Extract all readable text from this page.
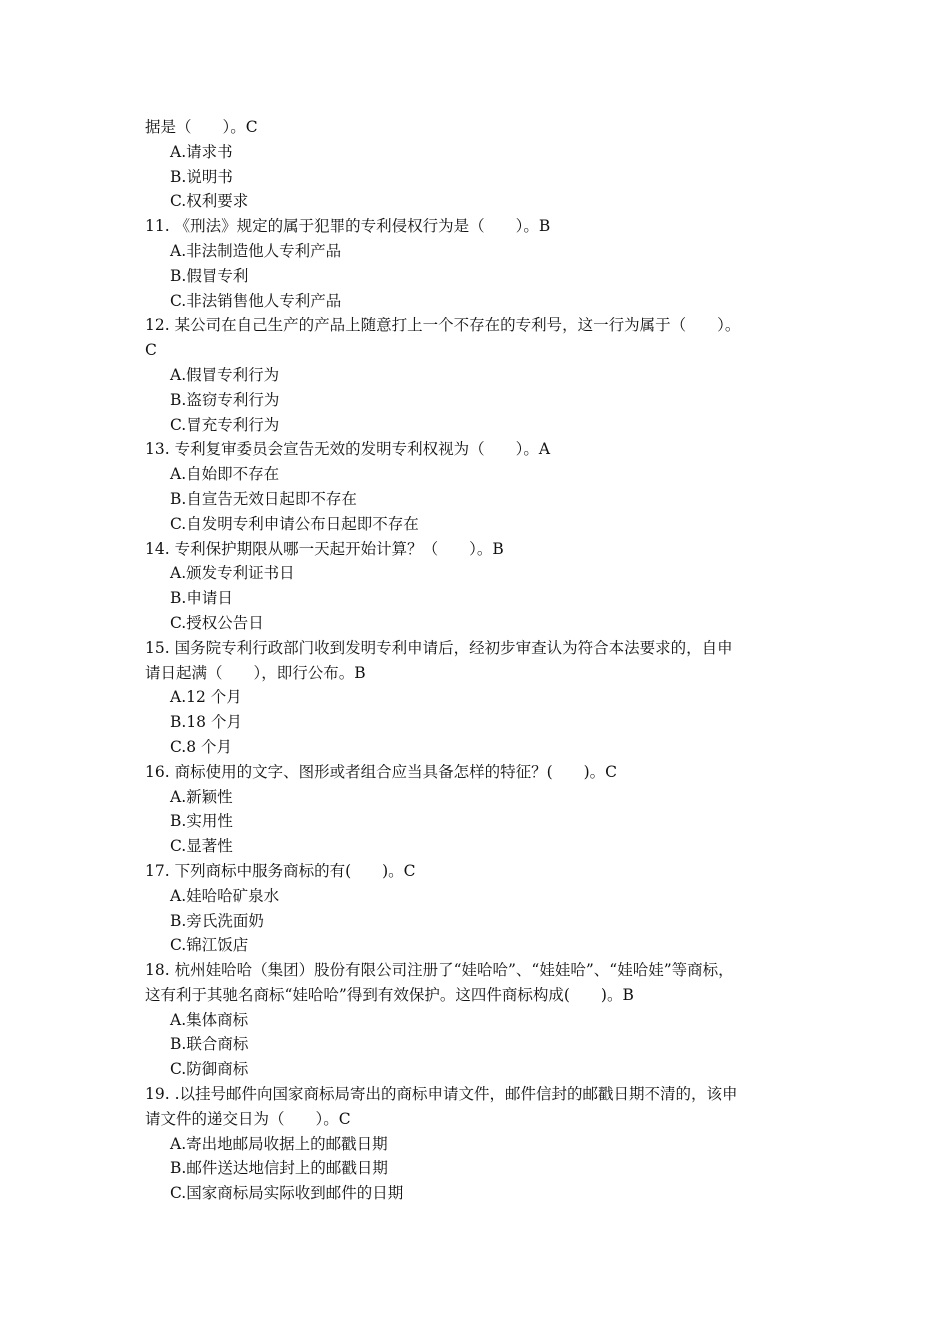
据是（　　）。C
A.请求书
B.说明书
C.权利要求
11. 《刑法》规定的属于犯罪的专利侵权行为是（　　）。B
A.非法制造他人专利产品
B.假冒专利
C.非法销售他人专利产品
12. 某公司在自己生产的产品上随意打上一个不存在的专利号，这一行为属于（　　）。
C
A.假冒专利行为
B.盗窃专利行为
C.冒充专利行为
13. 专利复审委员会宣告无效的发明专利权视为（　　）。A
A.自始即不存在
B.自宣告无效日起即不存在
C.自发明专利申请公布日起即不存在
14. 专利保护期限从哪一天起开始计算？（　　）。B
A.颁发专利证书日
B.申请日
C.授权公告日
15. 国务院专利行政部门收到发明专利申请后，经初步审查认为符合本法要求的，自申
请日起满（　　），即行公布。B
A.12 个月
B.18 个月
C.8 个月
16. 商标使用的文字、图形或者组合应当具备怎样的特征？(　　)。C
A.新颖性
B.实用性
C.显著性
17. 下列商标中服务商标的有(　　)。C
A.娃哈哈矿泉水
B.旁氏洗面奶
C.锦江饭店
18. 杭州娃哈哈（集团）股份有限公司注册了“娃哈哈”、“娃娃哈”、“娃哈娃”等商标，
这有利于其驰名商标“娃哈哈”得到有效保护。这四件商标构成(　　)。B
A.集体商标
B.联合商标
C.防御商标
19. .以挂号邮件向国家商标局寄出的商标申请文件，邮件信封的邮戳日期不清的，该申
请文件的递交日为（　　）。C
A.寄出地邮局收据上的邮戳日期
B.邮件送达地信封上的邮戳日期
C.国家商标局实际收到邮件的日期
